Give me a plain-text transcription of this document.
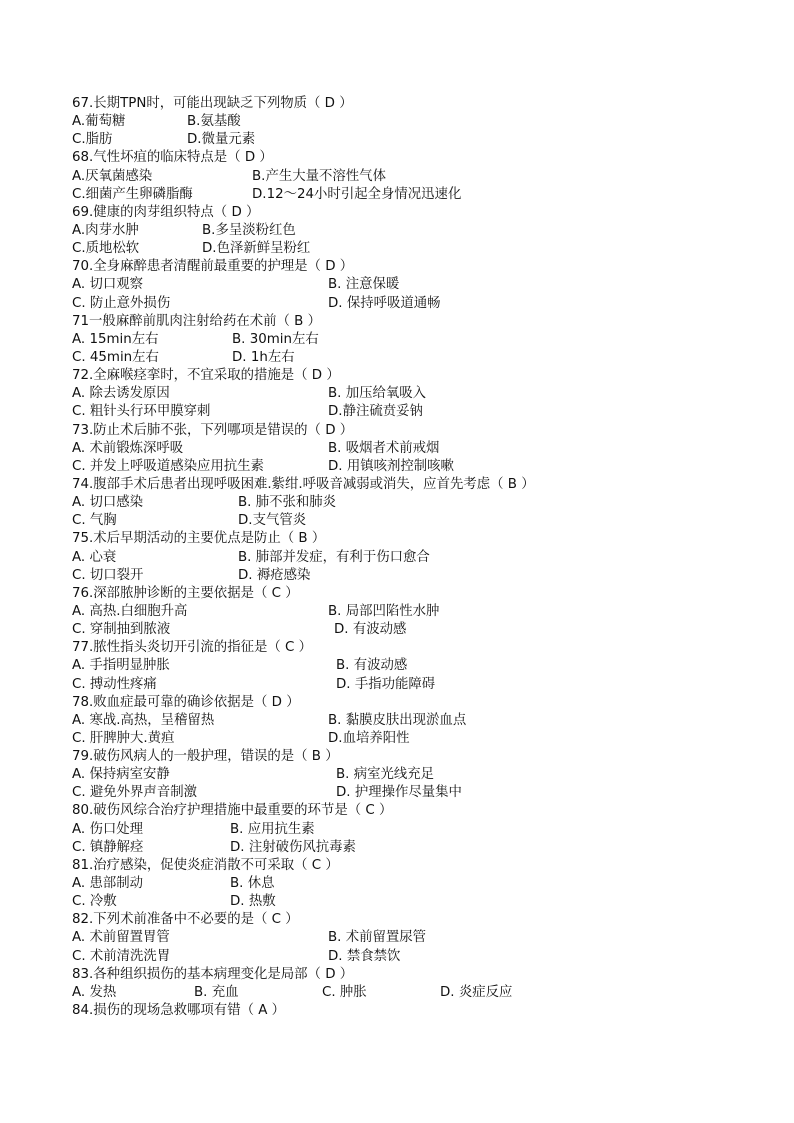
67.长期TPN时，可能出现缺乏下列物质（ D ）
A.葡萄糖	B.氨基酸
C.脂肪	D.微量元素
68.气性坏疽的临床特点是（ D ）
A.厌氧菌感染	B.产生大量不溶性气体
C.细菌产生卵磷脂酶	D.12～24小时引起全身情况迅速化
69.健康的肉芽组织特点（ D ）
A.肉芽水肿	B.多呈淡粉红色
C.质地松软	D.色泽新鲜呈粉红
70.全身麻醉患者清醒前最重要的护理是（ D ）
A. 切口观察	B. 注意保暖
C. 防止意外损伤	D. 保持呼吸道通畅
71一般麻醉前肌肉注射给药在术前（ B ）
A. 15min左右	B. 30min左右
C. 45min左右	D. 1h左右
72.全麻喉痉挛时，不宜采取的措施是（ D ）
A. 除去诱发原因	B. 加压给氧吸入
C. 粗针头行环甲膜穿刺	D.静注硫贲妥钠
73.防止术后肺不张，下列哪项是错误的（ D ）
A. 术前锻炼深呼吸	B. 吸烟者术前戒烟
C. 并发上呼吸道感染应用抗生素	D. 用镇咳剂控制咳嗽
74.腹部手术后患者出现呼吸困难.紫绀.呼吸音减弱或消失，应首先考虑（ B ）
A. 切口感染	B. 肺不张和肺炎
C. 气胸	D.支气管炎
75.术后早期活动的主要优点是防止（ B ）
A. 心衰	B. 肺部并发症，有利于伤口愈合
C. 切口裂开	D. 褥疮感染
76.深部脓肿诊断的主要依据是（ C ）
A. 高热.白细胞升高	B. 局部凹陷性水肿
C. 穿制抽到脓液	D. 有波动感
77.脓性指头炎切开引流的指征是（ C ）
A. 手指明显肿胀	B. 有波动感
C. 搏动性疼痛	D. 手指功能障碍
78.败血症最可靠的确诊依据是（ D ）
A. 寒战.高热，呈稽留热	B. 黏膜皮肤出现淤血点
C. 肝脾肿大.黄疸	D.血培养阳性
79.破伤风病人的一般护理，错误的是（ B ）
A. 保持病室安静	B. 病室光线充足
C. 避免外界声音制激	D. 护理操作尽量集中
80.破伤风综合治疗护理措施中最重要的环节是（ C ）
A. 伤口处理	B. 应用抗生素
C. 镇静解痉	D. 注射破伤风抗毒素
81.治疗感染，促使炎症消散不可采取（ C ）
A. 患部制动	B. 休息
C. 冷敷	D. 热敷
82.下列术前准备中不必要的是（ C ）
A. 术前留置胃管	B. 术前留置尿管
C. 术前清洗洗胃	D. 禁食禁饮
83.各种组织损伤的基本病理变化是局部（ D ）
A. 发热	B. 充血	C. 肿胀	D. 炎症反应
84.损伤的现场急救哪项有错（ A ）
